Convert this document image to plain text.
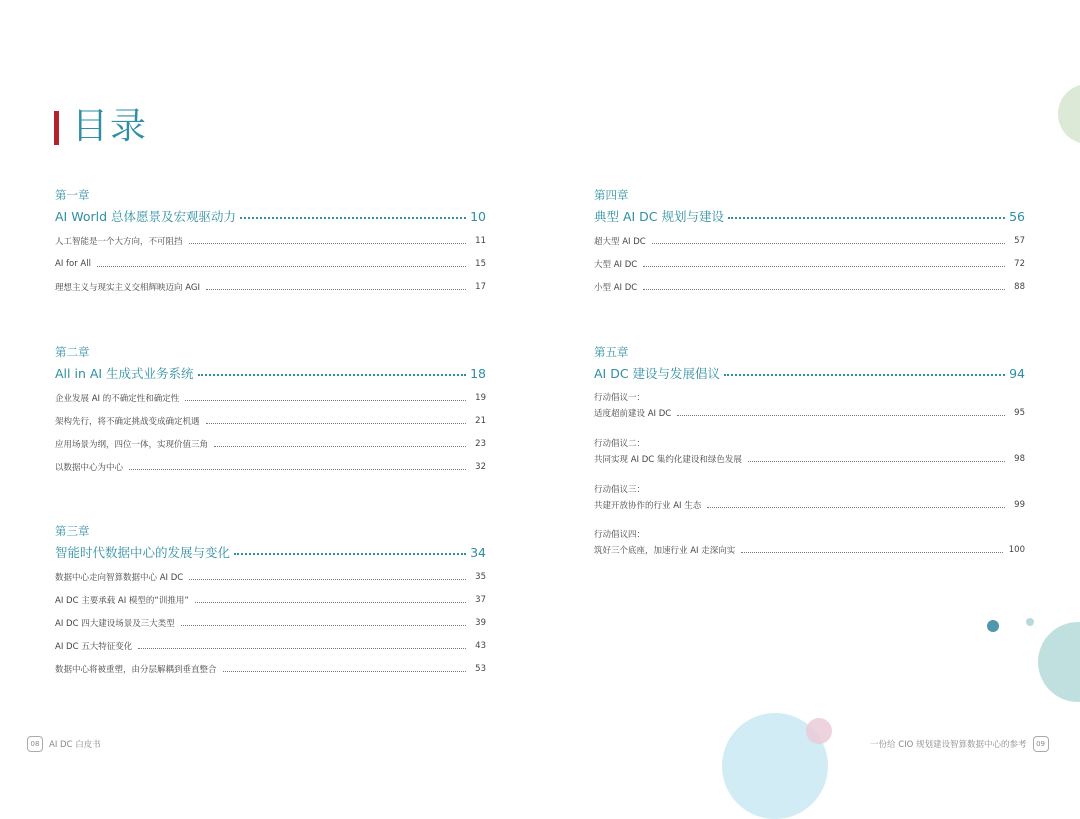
目录
第一章
AI World 总体愿景及宏观驱动力	10
人工智能是一个大方向，不可阻挡	11
AI for All	15
理想主义与现实主义交相辉映迈向 AGI	17
第二章
All in AI 生成式业务系统	18
企业发展 AI 的不确定性和确定性	19
架构先行，将不确定挑战变成确定机遇	21
应用场景为纲，四位一体，实现价值三角	23
以数据中心为中心	32
第三章
智能时代数据中心的发展与变化	34
数据中心走向智算数据中心 AI DC	35
AI DC 主要承载 AI 模型的“训推用”	37
AI DC 四大建设场景及三大类型	39
AI DC 五大特征变化	43
数据中心将被重塑，由分层解耦到垂直整合	53
第四章
典型 AI DC 规划与建设	56
超大型 AI DC	57
大型 AI DC	72
小型 AI DC	88
第五章
AI DC 建设与发展倡议	94
行动倡议一：
适度超前建设 AI DC	95
行动倡议二：
共同实现 AI DC 集约化建设和绿色发展	98
行动倡议三：
共建开放协作的行业 AI 生态	99
行动倡议四：
筑好三个底座，加速行业 AI 走深向实	100
08	AI DC 白皮书	一份给 CIO 规划建设智算数据中心的参考	09
